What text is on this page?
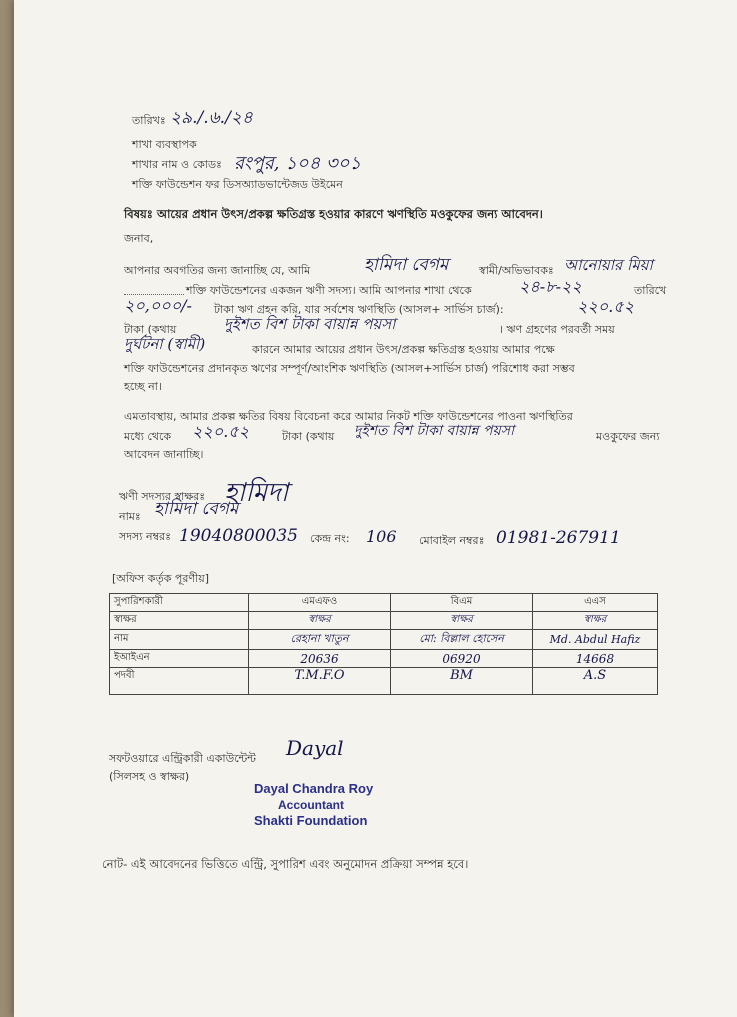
তারিখঃ ২৯./.৬./২৪
শাখা ব্যবস্থাপক
শাখার নাম ও কোডঃ রংপুর, ১০৪ ৩০১
শক্তি ফাউন্ডেশন ফর ডিসঅ্যাডভান্টেজড উইমেন
বিষয়ঃ আয়ের প্রধান উৎস/প্রকল্প ক্ষতিগ্রস্ত হওয়ার কারণে ঋণস্থিতি মওকুফের জন্য আবেদন।
জনাব,
আপনার অবগতির জন্য জানাচ্ছি যে, আমি	হামিদা বেগম	স্বামী/অভিভাবকঃ আনোয়ার মিয়া
শক্তি ফাউন্ডেশনের একজন ঋণী সদস্য। আমি আপনার শাখা থেকে	২৪-৮-২২	তারিখে
২০,০০০/- টাকা ঋণ গ্রহন করি, যার সর্বশেষ ঋণস্থিতি (আসল+ সার্ভিস চার্জ):	২২০.৫২
টাকা (কথায়	দুইশত বিশ টাকা বায়ান্ন পয়সা	। ঋণ গ্রহণের পরবর্তী সময়
দুর্ঘটনা (স্বামী)	কারনে আমার আয়ের প্রধান উৎস/প্রকল্প ক্ষতিগ্রস্ত হওয়ায় আমার পক্ষে
শক্তি ফাউন্ডেশনের প্রদানকৃত ঋণের সম্পূর্ণ/আংশিক ঋণস্থিতি (আসল+সার্ভিস চার্জ) পরিশোধ করা সম্ভব
হচ্ছে না।
এমতাবস্থায়, আমার প্রকল্প ক্ষতির বিষয় বিবেচনা করে আমার নিকট শক্তি ফাউন্ডেশনের পাওনা ঋণস্থিতির
মধ্যে থেকে ২২০.৫২	টাকা (কথায় দুইশত বিশ টাকা বায়ান্ন পয়সা	মওকুফের জন্য
আবেদন জানাচ্ছি।
ঋণী সদস্যর স্বাক্ষরঃ হামিদা
নামঃ হামিদা বেগম
সদস্য নম্বরঃ 19040800035 কেন্দ্র নং: 106 মোবাইল নম্বরঃ 01981-267911
[অফিস কর্তৃক পূরণীয়]
সুপারিশকারী	এমএফও	বিএম	এএস
স্বাক্ষর	স্বাক্ষর	স্বাক্ষর	স্বাক্ষর
নাম	রেহানা খাতুন	মো: বিল্লাল হোসেন	Md. Abdul Hafiz
ইআইএন	20636	06920	14668
পদবী	T.M.F.O	BM	A.S
সফটওয়ারে এন্ট্রিকারী একাউন্টেন্ট Dayal
(সিলসহ ও স্বাক্ষর)
Dayal Chandra Roy
Accountant
Shakti Foundation
নোট- এই আবেদনের ভিত্তিতে এন্ট্রি, সুপারিশ এবং অনুমোদন প্রক্রিয়া সম্পন্ন হবে।
